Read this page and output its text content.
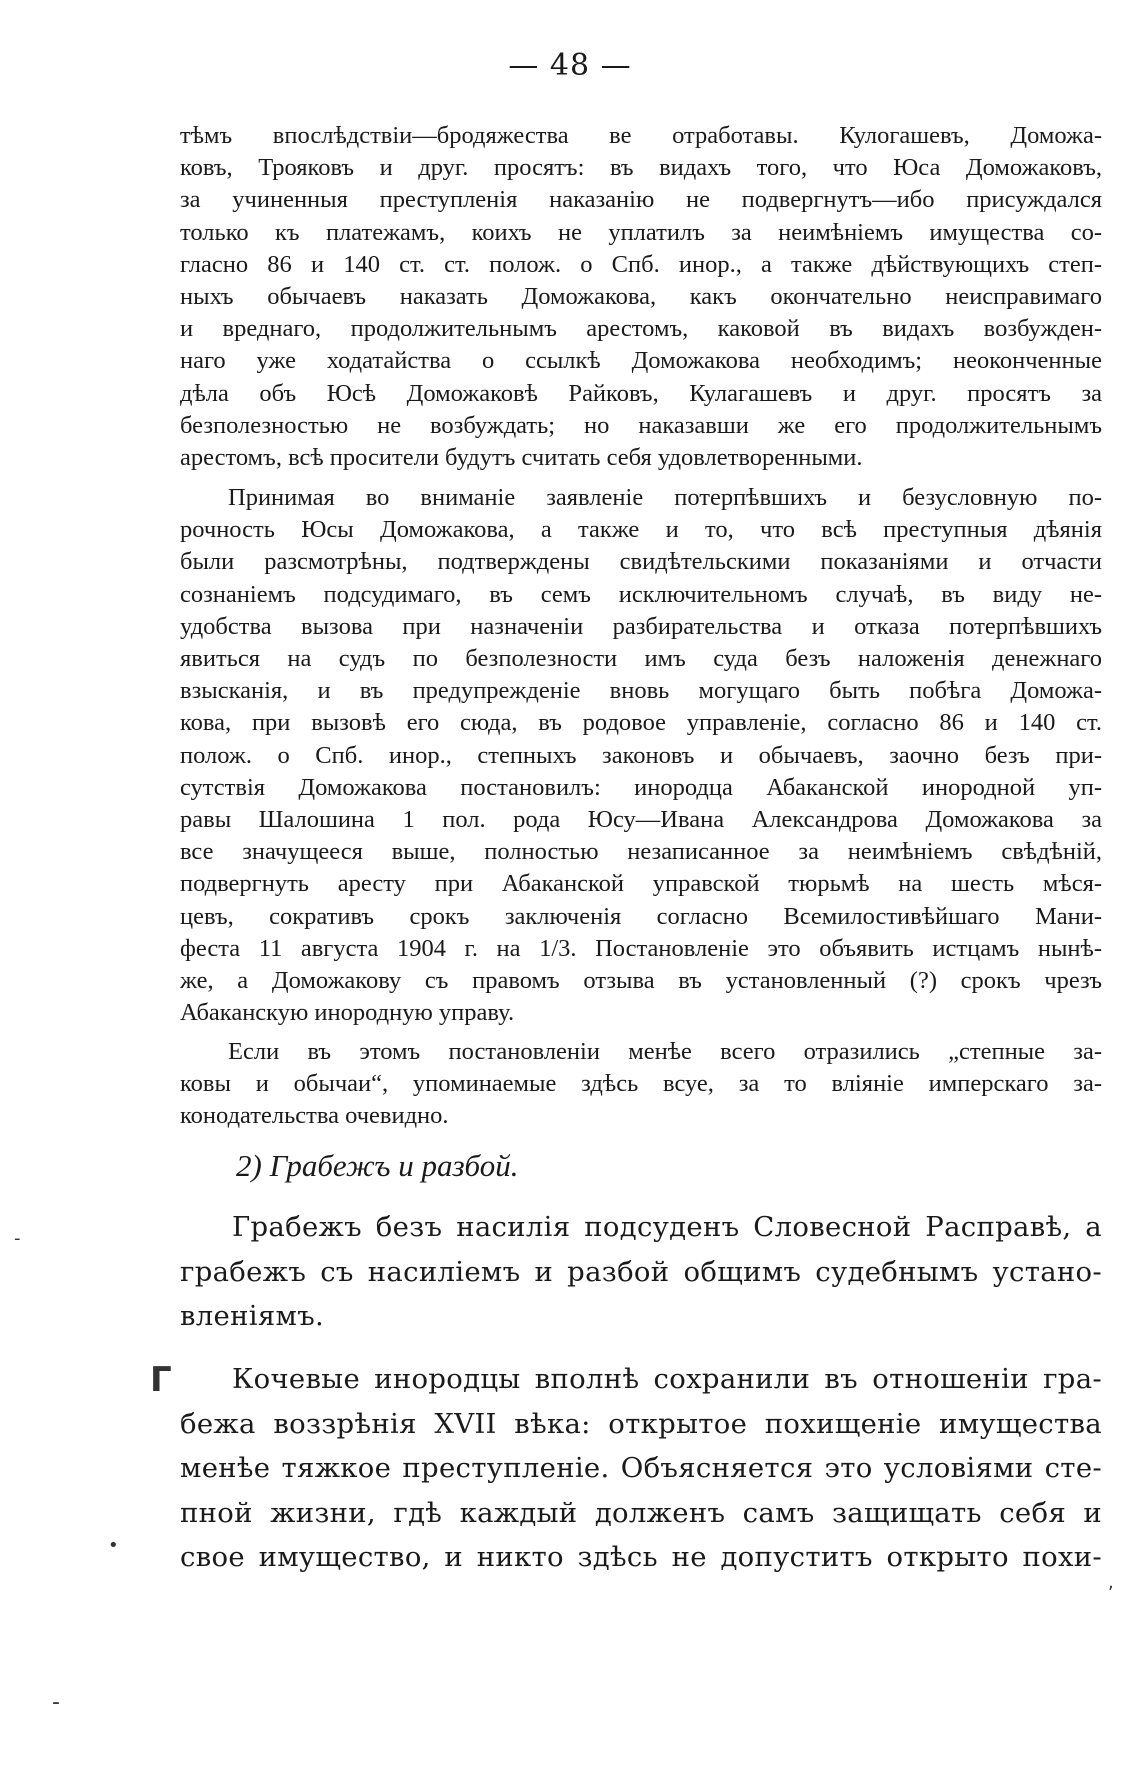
— 48 —
тѣмъ впослѣдствіи—бродяжества ве отработавы. Кулогашевъ, Доможа-
ковъ, Трояковъ и друг. просятъ: въ видахъ того, что Юса Доможаковъ,
за учиненныя преступленія наказанію не подвергнутъ—ибо присуждался
только къ платежамъ, коихъ не уплатилъ за неимѣніемъ имущества со-
гласно 86 и 140 ст. ст. полож. о Спб. инор., а также дѣйствующихъ степ-
ныхъ обычаевъ наказать Доможакова, какъ окончательно неисправимаго
и вреднаго, продолжительнымъ арестомъ, каковой въ видахъ возбужден-
наго уже ходатайства о ссылкѣ Доможакова необходимъ; неоконченные
дѣла объ Юсѣ Доможаковѣ Райковъ, Кулагашевъ и друг. просятъ за
безполезностью не возбуждать; но наказавши же его продолжительнымъ
арестомъ, всѣ просители будутъ считать себя удовлетворенными.
Принимая во вниманіе заявленіе потерпѣвшихъ и безусловную по-
рочность Юсы Доможакова, а также и то, что всѣ преступныя дѣянія
были разсмотрѣны, подтверждены свидѣтельскими показаніями и отчасти
сознаніемъ подсудимаго, въ семъ исключительномъ случаѣ, въ виду не-
удобства вызова при назначеніи разбирательства и отказа потерпѣвшихъ
явиться на судъ по безполезности имъ суда безъ наложенія денежнаго
взысканія, и въ предупрежденіе вновь могущаго быть побѣга Доможа-
кова, при вызовѣ его сюда, въ родовое управленіе, согласно 86 и 140 ст.
полож. о Спб. инор., степныхъ законовъ и обычаевъ, заочно безъ при-
сутствія Доможакова постановилъ: инородца Абаканской инородной уп-
равы Шалошина 1 пол. рода Юсу—Ивана Александрова Доможакова за
все значущееся выше, полностью незаписанное за неимѣніемъ свѣдѣній,
подвергнуть аресту при Абаканской управской тюрьмѣ на шесть мѣся-
цевъ, сокративъ срокъ заключенія согласно Всемилостивѣйшаго Мани-
феста 11 августа 1904 г. на 1/3. Постановленіе это объявить истцамъ нынѣ-
же, а Доможакову съ правомъ отзыва въ установленный (?) срокъ чрезъ
Абаканскую инородную управу.
Если въ этомъ постановленіи менѣе всего отразились „степные за-
ковы и обычаи“, упоминаемые здѣсь всуе, за то вліяніе имперскаго за-
конодательства очевидно.
2) Грабежъ и разбой.
Грабежъ безъ насилія подсуденъ Словесной Расправѣ, а
грабежъ съ насиліемъ и разбой общимъ судебнымъ устано-
вленіямъ.
Кочевые инородцы вполнѣ сохранили въ отношеніи гра-
бежа воззрѣнія XVII вѣка: открытое похищеніе имущества
менѣе тяжкое преступленіе. Объясняется это условіями сте-
пной жизни, гдѣ каждый долженъ самъ защищать себя и
свое имущество, и никто здѣсь не допуститъ открыто похи-
-
•
,
‐
Г
